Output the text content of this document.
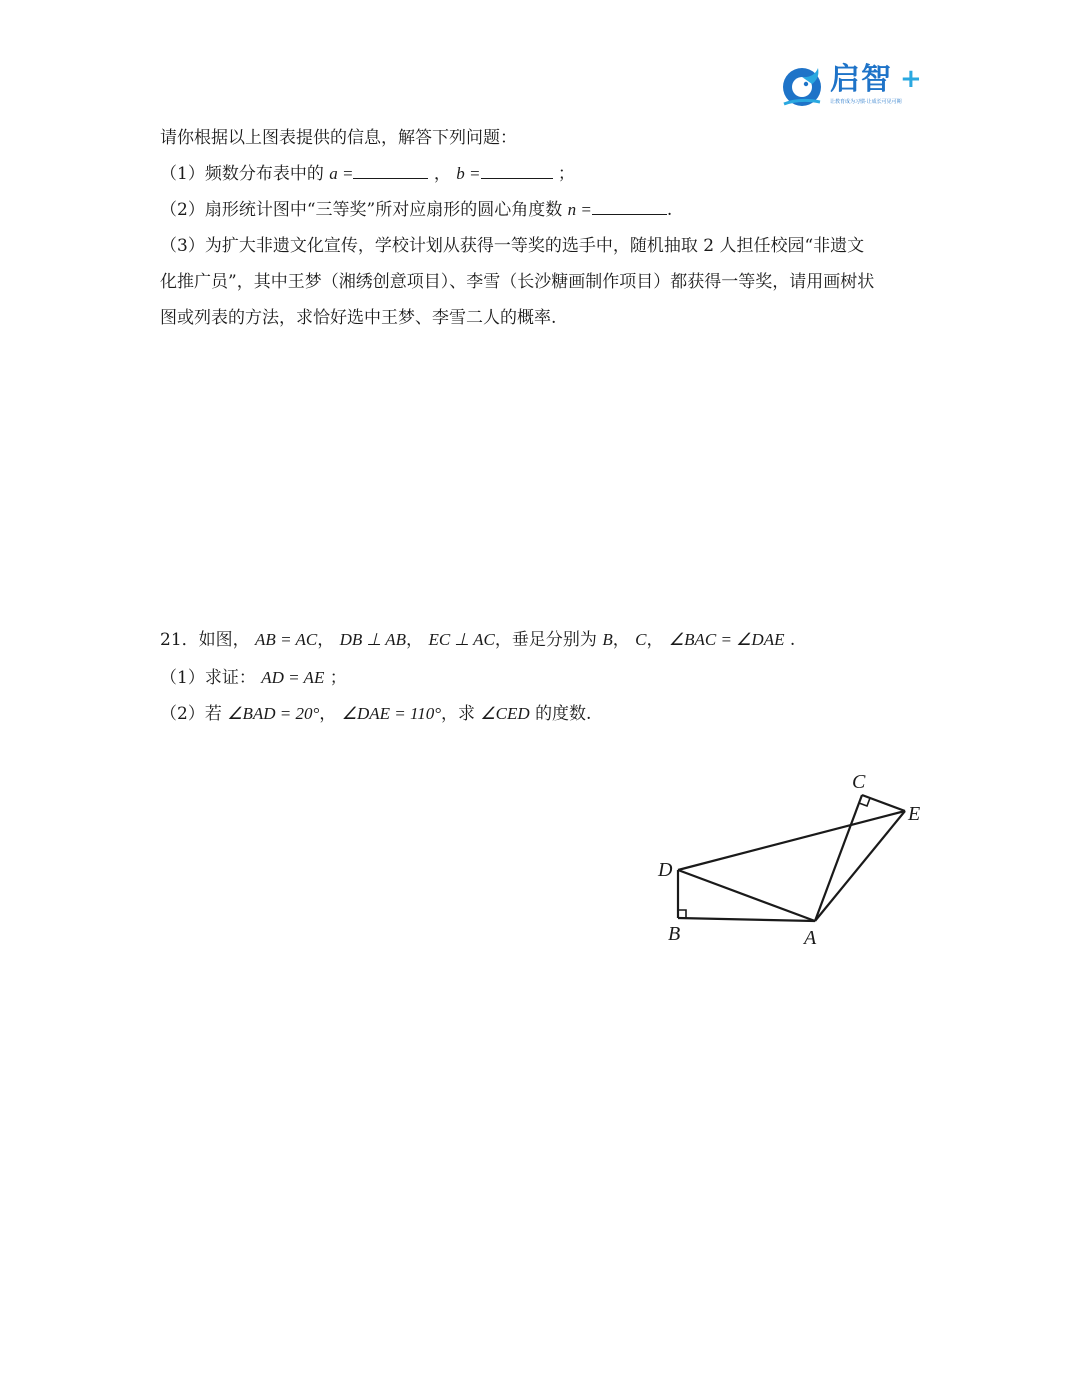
启智 +
让教育成为习惯·让成长可见可期
请你根据以上图表提供的信息，解答下列问题：
（1）频数分布表中的 a =	， b =	；
（2）扇形统计图中“三等奖”所对应扇形的圆心角度数 n =	.
（3）为扩大非遗文化宣传，学校计划从获得一等奖的选手中，随机抽取 2 人担任校园“非遗文
化推广员”，其中王梦（湘绣创意项目）、李雪（长沙糖画制作项目）都获得一等奖，请用画树状
图或列表的方法，求恰好选中王梦、李雪二人的概率.
21．如图， AB = AC， DB ⊥ AB， EC ⊥ AC，垂足分别为 B， C， ∠BAC = ∠DAE .
（1）求证： AD = AE ；
（2）若 ∠BAD = 20°， ∠DAE = 110°，求 ∠CED 的度数.
A
B
C
D
E
